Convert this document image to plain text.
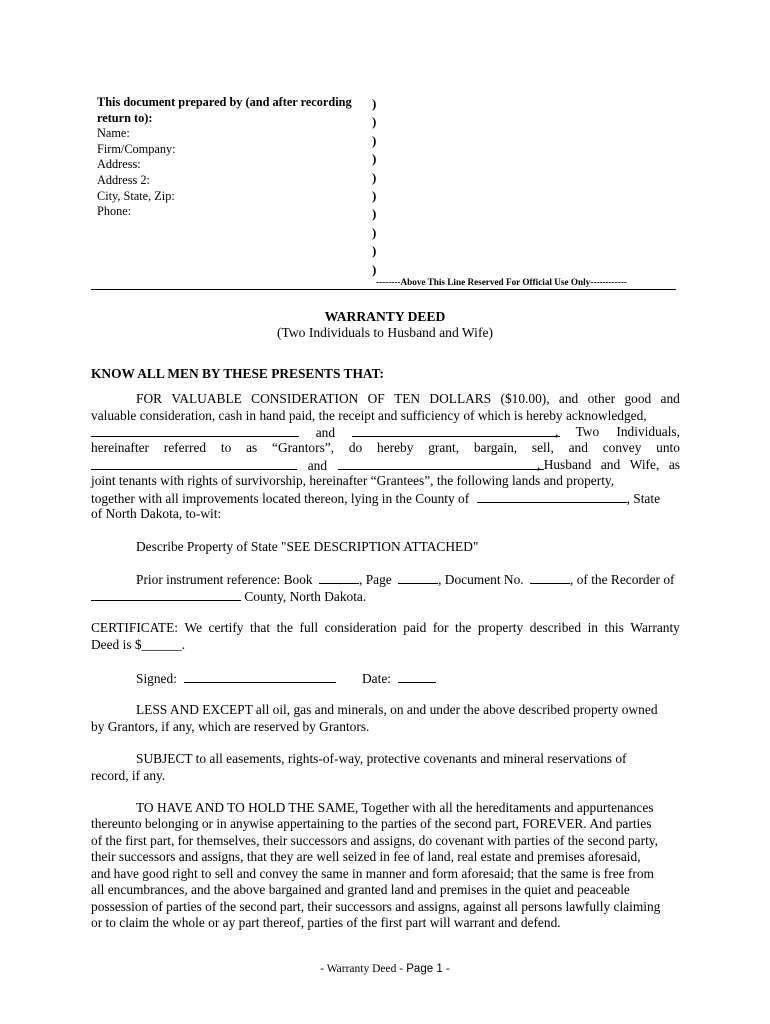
This document prepared by (and after recording
return to):
Name:
Firm/Company:
Address:
Address 2:
City, State, Zip:
Phone:
)
)
)
)
)
)
)
)
)
)
--------Above This Line Reserved For Official Use Only------------
WARRANTY DEED
(Two Individuals to Husband and Wife)
KNOW ALL MEN BY THESE PRESENTS THAT:
FOR VALUABLE CONSIDERATION OF TEN DOLLARS ($10.00), and other good and
valuable consideration, cash in hand paid, the receipt and sufficiency of which is hereby acknowledged,
and	, Two Individuals,
hereinafter referred to as “Grantors”, do hereby grant, bargain, sell, and convey unto
and	, Husband and Wife, as
joint tenants with rights of survivorship, hereinafter “Grantees”, the following lands and property,
together with all improvements located thereon, lying in the County of	, State
of North Dakota, to-wit:
Describe Property of State "SEE DESCRIPTION ATTACHED"
Prior instrument reference: Book	, Page	, Document No.	, of the Recorder of
County, North Dakota.
CERTIFICATE: We certify that the full consideration paid for the property described in this Warranty
Deed is $______.
Signed:	Date:
LESS AND EXCEPT all oil, gas and minerals, on and under the above described property owned
by Grantors, if any, which are reserved by Grantors.
SUBJECT to all easements, rights-of-way, protective covenants and mineral reservations of
record, if any.
TO HAVE AND TO HOLD THE SAME, Together with all the hereditaments and appurtenances
thereunto belonging or in anywise appertaining to the parties of the second part, FOREVER. And parties
of the first part, for themselves, their successors and assigns, do covenant with parties of the second party,
their successors and assigns, that they are well seized in fee of land, real estate and premises aforesaid,
and have good right to sell and convey the same in manner and form aforesaid; that the same is free from
all encumbrances, and the above bargained and granted land and premises in the quiet and peaceable
possession of parties of the second part, their successors and assigns, against all persons lawfully claiming
or to claim the whole or ay part thereof, parties of the first part will warrant and defend.
- Warranty Deed - Page 1 -
